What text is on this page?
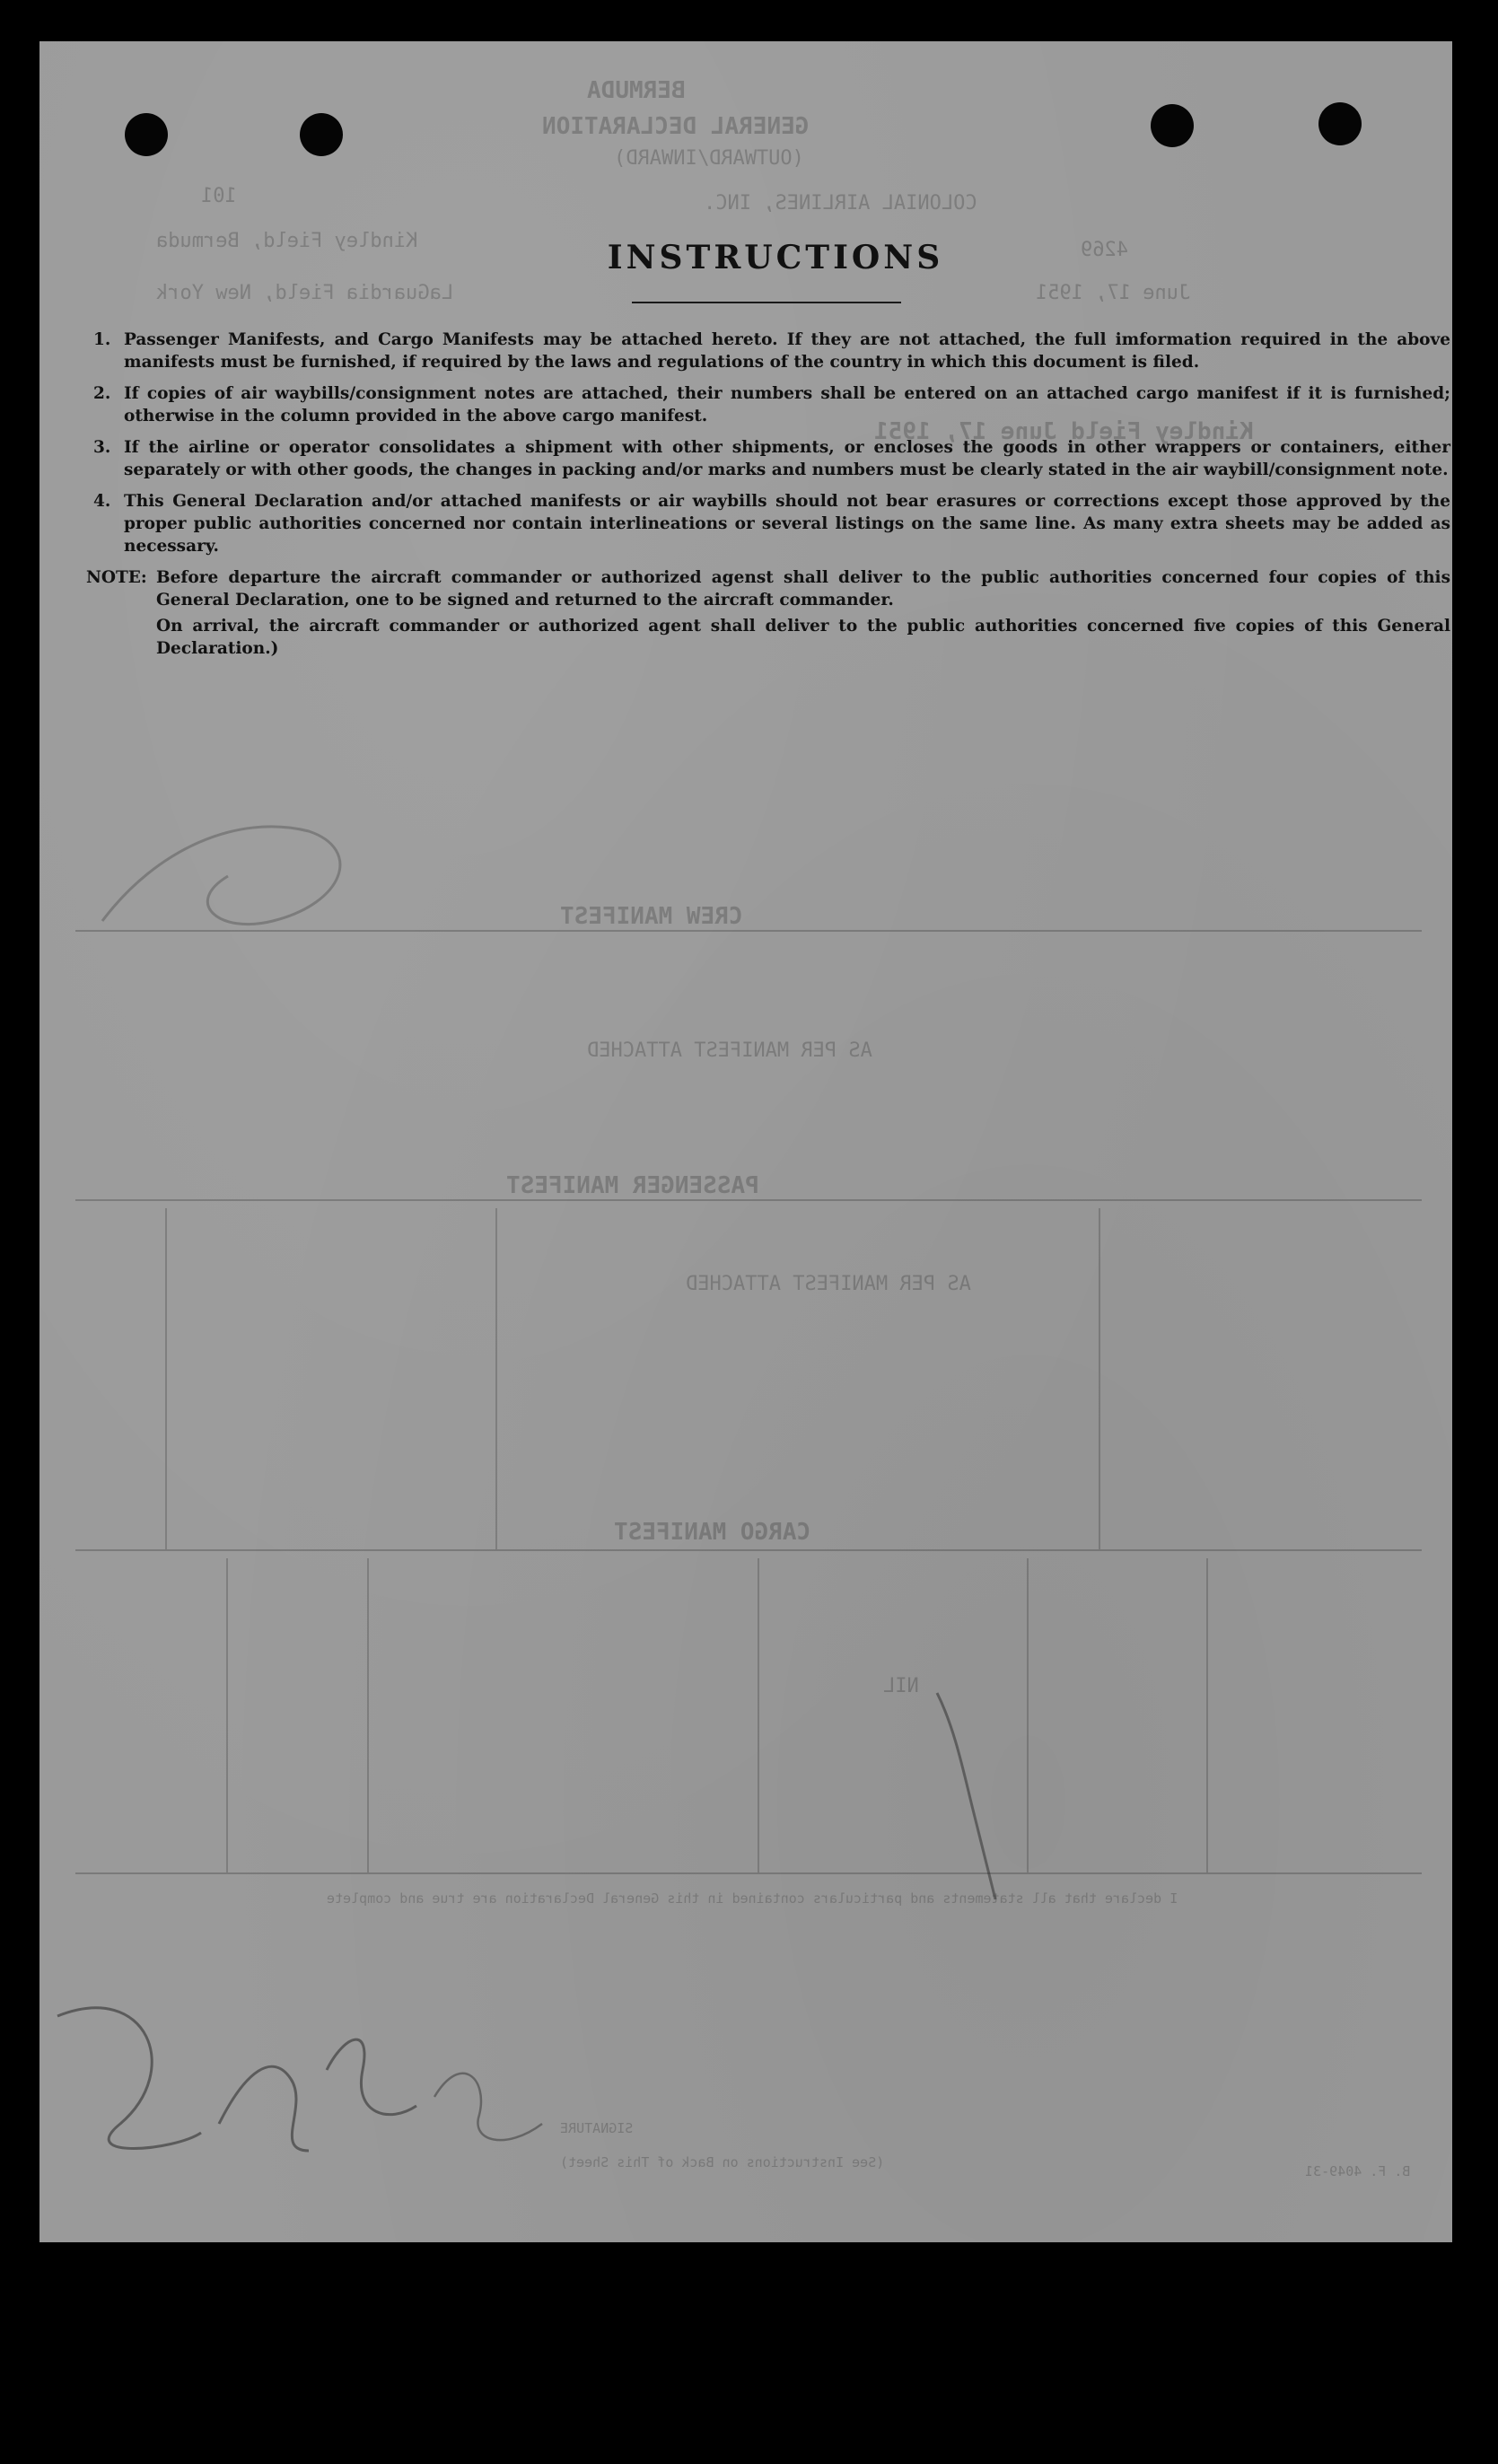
BERMUDA
GENERAL DECLARATION
(OUTWARD/INWARD)
COLONIAL AIRLINES, INC.
101
Kindley Field, Bermuda
LaGuardia Field, New York	June 17, 1951
4269
Kindley Field June 17, 1951
CREW MANIFEST
AS PER MANIFEST ATTACHED
PASSENGER MANIFEST
AS PER MANIFEST ATTACHED
CARGO MANIFEST
NIL
SIGNATURE
(See Instructions on Back of This Sheet)
B. F. 4049-31
I declare that all statements and particulars contained in this General Declaration are true and complete
INSTRUCTIONS
1. Passenger Manifests, and Cargo Manifests may be attached hereto. If they are not attached, the full imformation required in the above manifests must be furnished, if required by the laws and regulations of the country in which this document is filed.
2. If copies of air waybills/consignment notes are attached, their numbers shall be entered on an attached cargo manifest if it is furnished; otherwise in the column provided in the above cargo manifest.
3. If the airline or operator consolidates a shipment with other shipments, or encloses the goods in other wrappers or containers, either separately or with other goods, the changes in packing and/or marks and numbers must be clearly stated in the air waybill/consignment note.
4. This General Declaration and/or attached manifests or air waybills should not bear erasures or corrections except those approved by the proper public authorities concerned nor contain interlineations or several listings on the same line. As many extra sheets may be added as necessary.
NOTE: Before departure the aircraft commander or authorized agenst shall deliver to the public authorities concerned four copies of this General Declaration, one to be signed and returned to the aircraft commander.
On arrival, the aircraft commander or authorized agent shall deliver to the public authorities concerned five copies of this General Declaration.)
